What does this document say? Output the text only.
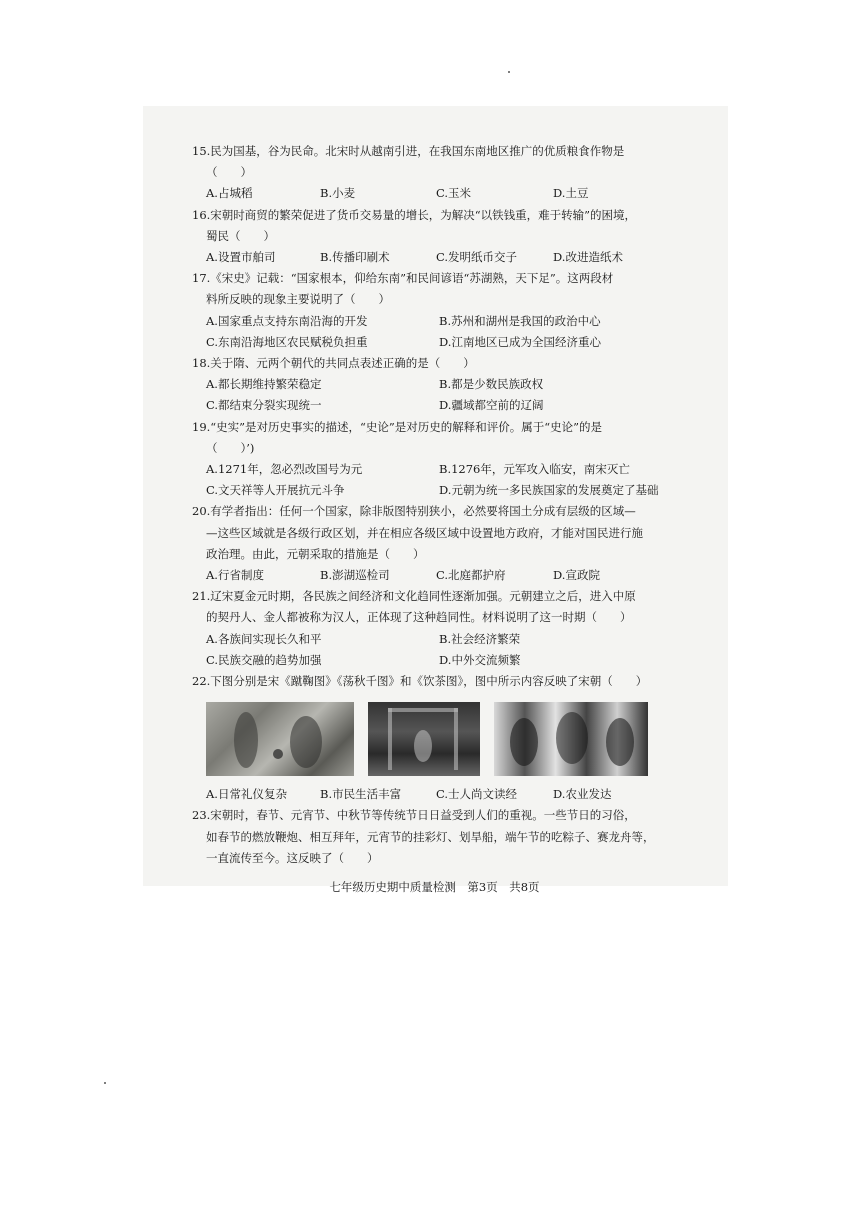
15.民为国基，谷为民命。北宋时从越南引进，在我国东南地区推广的优质粮食作物是
（　　）
A.占城稻	B.小麦	C.玉米	D.土豆
16.宋朝时商贸的繁荣促进了货币交易量的增长，为解决“以铁钱重，难于转输”的困境，
蜀民（　　）
A.设置市舶司	B.传播印刷术	C.发明纸币交子	D.改进造纸术
17.《宋史》记载：“国家根本，仰给东南”和民间谚语“苏湖熟，天下足”。这两段材
料所反映的现象主要说明了（　　）
A.国家重点支持东南沿海的开发	B.苏州和湖州是我国的政治中心
C.东南沿海地区农民赋税负担重	D.江南地区已成为全国经济重心
18.关于隋、元两个朝代的共同点表述正确的是（　　）
A.都长期维持繁荣稳定	B.都是少数民族政权
C.都结束分裂实现统一	D.疆域都空前的辽阔
19.“史实”是对历史事实的描述，“史论”是对历史的解释和评价。属于“史论”的是
（　　）’)
A.1271年，忽必烈改国号为元	B.1276年，元军攻入临安，南宋灭亡
C.文天祥等人开展抗元斗争	D.元朝为统一多民族国家的发展奠定了基础
20.有学者指出：任何一个国家，除非版图特别狭小，必然要将国土分成有层级的区域—
—这些区域就是各级行政区划，并在相应各级区域中设置地方政府，才能对国民进行施
政治理。由此，元朝采取的措施是（　　）
A.行省制度	B.澎湖巡检司	C.北庭都护府	D.宣政院
21.辽宋夏金元时期，各民族之间经济和文化趋同性逐渐加强。元朝建立之后，进入中原
的契丹人、金人都被称为汉人，正体现了这种趋同性。材料说明了这一时期（　　）
A.各族间实现长久和平	B.社会经济繁荣
C.民族交融的趋势加强	D.中外交流频繁
22.下图分别是宋《蹴鞠图》《荡秋千图》和《饮茶图》，图中所示内容反映了宋朝（　　）
A.日常礼仪复杂	B.市民生活丰富	C.士人尚文读经	D.农业发达
23.宋朝时，春节、元宵节、中秋节等传统节日日益受到人们的重视。一些节日的习俗，
如春节的燃放鞭炮、相互拜年，元宵节的挂彩灯、划旱船，端午节的吃粽子、赛龙舟等，
一直流传至今。这反映了（　　）
七年级历史期中质量检测　第3页　共8页
